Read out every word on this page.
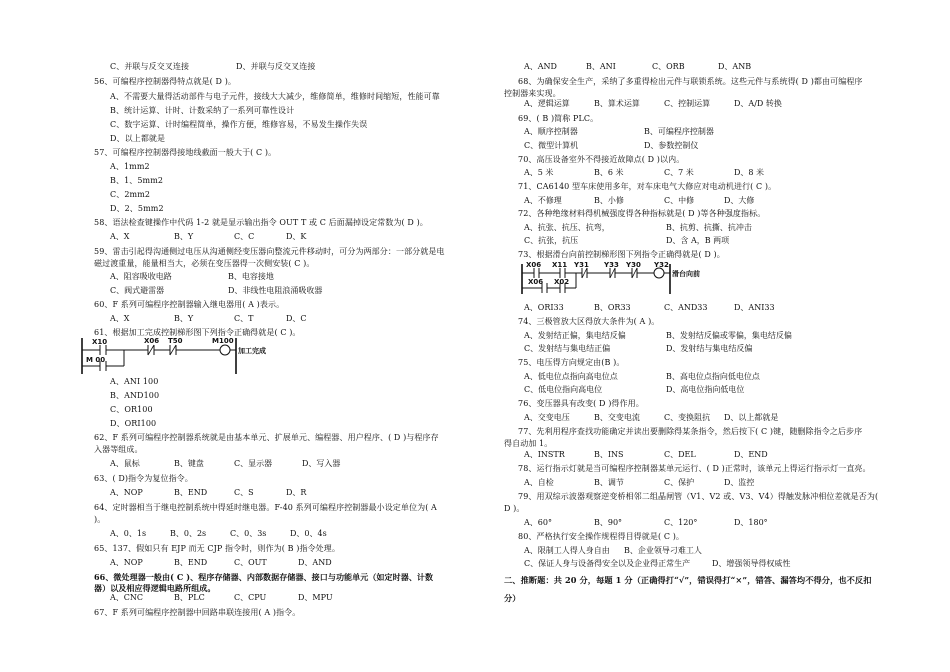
C、并联与反交叉连接	D、并联与反交叉连接
56、可编程序控制器得特点就是( D )。
A、不需要大量得活动部件与电子元件，接线大大减少，维修简单，维修时间缩短，性能可靠
B、统计运算、计时、计数采纳了一系列可靠性设计
C、数字运算、计时编程简单，操作方便，维修容易，不易发生操作失误
D、以上都就是
57、可编程序控制器得接地线截面一般大于( C )。
A、1mm2
B、1、5mm2
C、2mm2
D、2、5mm2
58、语法检查键操作中代码 1-2 就是显示输出指令 OUT T 或 C 后面漏掉设定常数为( D )。
A、X	B、Y	C、C	D、K
59、雷击引起得沟通侧过电压从沟通侧经变压器向整流元件移动时，可分为两部分：一部分就是电
磁过渡重量，能量相当大，必须在变压器得一次侧安装( C )。
A、阻容吸收电路	B、电容接地
C、阀式避雷器	D、非线性电阻浪涌吸收器
60、F 系列可编程序控制器输入继电器用( A )表示。
A、X	B、Y	C、T	D、C
61、根据加工完成控制梯形图下列指令正确得就是( C )。
X10	X06 T50	M100
M 00
加工完成
A、ANI 100
B、AND100
C、OR100
D、ORI100
62、F 系列可编程序控制器系统就是由基本单元、扩展单元、编程器、用户程序、( D )与程序存
入器等组成。
A、鼠标	B、键盘	C、显示器	D、写入器
63、( D)指令为复位指令。
A、NOP	B、END	C、S	D、R
64、定时器相当于继电控制系统中得延时继电器。F-40 系列可编程序控制器最小设定单位为( A
)。
A、0、1s	B、0、2s	C、0、3s	D、0、4s
65、137、假如只有 EJP 而无 CJP 指令时，则作为( B )指令处理。
A、NOP	B、END	C、OUT	D、AND
66、微处理器一般由( C )、程序存储器、内部数据存储器、接口与功能单元（如定时器、计数
器）以及相应得逻辑电路所组成。
A、CNC	B、PLC	C、CPU	D、MPU
67、F 系列可编程序控制器中回路串联连接用( A )指令。
A、AND	B、ANI	C、ORB	D、ANB
68、为确保安全生产，采纳了多重得检出元件与联锁系统。这些元件与系统得( D )都由可编程序
控制器来实现。
A、逻辑运算	B、算术运算	C、控制运算	D、A/D 转换
69、( B )简称 PLC。
A、顺序控制器	B、可编程序控制器
C、微型计算机	D、参数控制仪
70、高压设备室外不得接近故障点( D )以内。
A、5 米	B、6 米	C、7 米	D、8 米
71、CA6140 型车床使用多年，对车床电气大修应对电动机进行( C )。
A、不修理	B、小修	C、中修	D、大修
72、各种绝缘材料得机械强度得各种指标就是( D )等各种强度指标。
A、抗张、抗压、抗弯，	B、抗剪、抗撕、抗冲击
C、抗张，抗压	D、含 A，B 两项
73、根据滑台向前控制梯形图下列指令正确得就是( D )。
X06 X11 Y31 Y33 Y30 Y32
X06 X02
滑台向前
A、ORI33	B、OR33	C、AND33	D、ANI33
74、三极管放大区得放大条件为( A )。
A、发射结正偏，集电结反偏	B、发射结反偏或零偏，集电结反偏
C、发射结与集电结正偏	D、发射结与集电结反偏
75、电压得方向规定由(B )。
A、低电位点指向高电位点	B、高电位点指向低电位点
C、低电位指向高电位	D、高电位指向低电位
76、变压器具有改变( D )得作用。
A、交变电压	B、交变电流	C、变换阻抗 D、以上都就是
77、先利用程序查找功能确定并读出要删除得某条指令，然后按下( C )键，随删除指令之后步序
得自动加 1。
A、INSTR	B、INS	C、DEL	D、END
78、运行指示灯就是当可编程序控制器某单元运行、( D )正常时，该单元上得运行指示灯一直亮。
A、自检	B、调节	C、保护	D、监控
79、用双综示波器观察逆变桥相邻二组晶闸管（V1、V2 或、V3、V4）得触发脉冲相位差就是否为(
D )。
A、60°	B、90°	C、120°	D、180°
80、严格执行安全操作规程得目得就是( C )。
A、限制工人得人身自由 B、企业领导刁难工人
C、保证人身与设备得安全以及企业得正常生产	D、增强领导得权威性
二、推断题：共 20 分，每题 1 分（正确得打“√”，错误得打“×”，错答、漏答均不得分，也不反扣
分）
